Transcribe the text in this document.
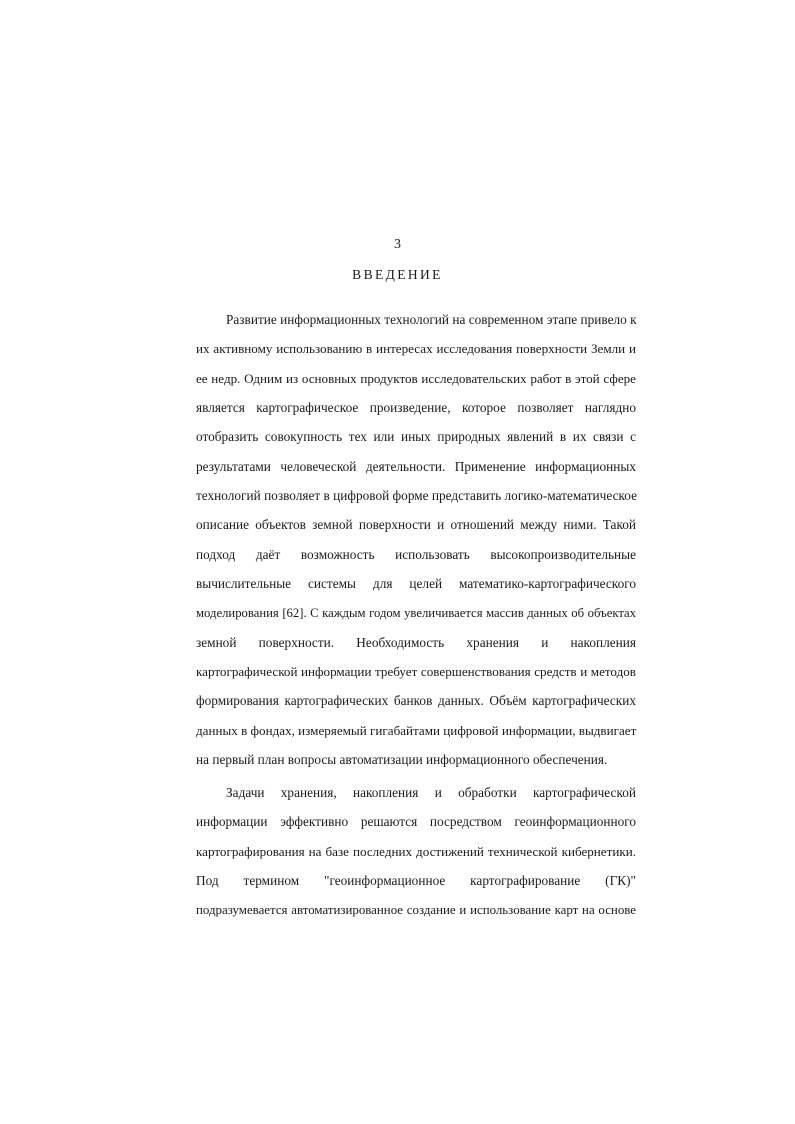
3
ВВЕДЕНИЕ
Развитие информационных технологий на современном этапе привело к
их активному использованию в интересах исследования поверхности Земли и
ее недр. Одним из основных продуктов исследовательских работ в этой сфере
является картографическое произведение, которое позволяет наглядно
отобразить совокупность тех или иных природных явлений в их связи с
результатами человеческой деятельности. Применение информационных
технологий позволяет в цифровой форме представить логико-математическое
описание объектов земной поверхности и отношений между ними. Такой
подход даёт возможность использовать высокопроизводительные
вычислительные системы для целей математико-картографического
моделирования [62]. С каждым годом увеличивается массив данных об объектах
земной поверхности. Необходимость хранения и накопления
картографической информации требует совершенствования средств и методов
формирования картографических банков данных. Объём картографических
данных в фондах, измеряемый гигабайтами цифровой информации, выдвигает
на первый план вопросы автоматизации информационного обеспечения.
Задачи хранения, накопления и обработки картографической
информации эффективно решаются посредством геоинформационного
картографирования на базе последних достижений технической кибернетики.
Под термином "геоинформационное картографирование (ГК)"
подразумевается автоматизированное создание и использование карт на основе
